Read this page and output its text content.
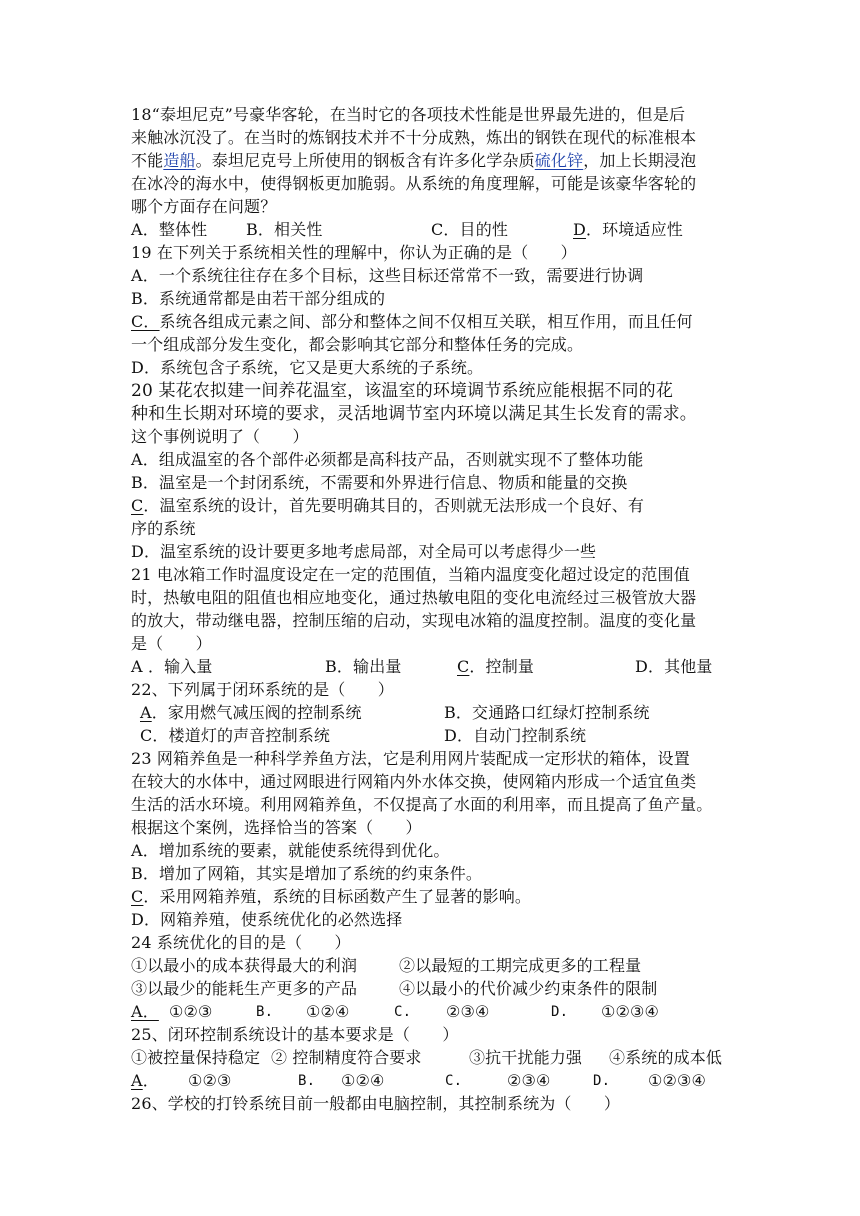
18“泰坦尼克”号豪华客轮，在当时它的各项技术性能是世界最先进的，但是后
来触冰沉没了。在当时的炼钢技术并不十分成熟，炼出的钢铁在现代的标准根本
不能造船。泰坦尼克号上所使用的钢板含有许多化学杂质硫化锌，加上长期浸泡
在冰冷的海水中，使得钢板更加脆弱。从系统的角度理解，可能是该豪华客轮的
哪个方面存在问题？
A．整体性 B．相关性	C．目的性	D．环境适应性
19 在下列关于系统相关性的理解中，你认为正确的是（　　）
A．一个系统往往存在多个目标，这些目标还常常不一致，需要进行协调
B．系统通常都是由若干部分组成的
C．系统各组成元素之间、部分和整体之间不仅相互关联，相互作用，而且任何
一个组成部分发生变化，都会影响其它部分和整体任务的完成。
D．系统包含子系统，它又是更大系统的子系统。
20 某花农拟建一间养花温室，该温室的环境调节系统应能根据不同的花
种和生长期对环境的要求，灵活地调节室内环境以满足其生长发育的需求。
这个事例说明了（　　）
A．组成温室的各个部件必须都是高科技产品，否则就实现不了整体功能
B．温室是一个封闭系统，不需要和外界进行信息、物质和能量的交换
C．温室系统的设计，首先要明确其目的，否则就无法形成一个良好、有
序的系统
D．温室系统的设计要更多地考虑局部，对全局可以考虑得少一些
21 电冰箱工作时温度设定在一定的范围值，当箱内温度变化超过设定的范围值
时，热敏电阻的阻值也相应地变化，通过热敏电阻的变化电流经过三极管放大器
的放大，带动继电器，控制压缩的启动，实现电冰箱的温度控制。温度的变化量
是（　　）
A ．输入量	B．输出量	C．控制量	D．其他量
22、下列属于闭环系统的是（　　）
A．家用燃气减压阀的控制系统	B．交通路口红绿灯控制系统
C．楼道灯的声音控制系统	D．自动门控制系统
23 网箱养鱼是一种科学养鱼方法，它是利用网片装配成一定形状的箱体，设置
在较大的水体中，通过网眼进行网箱内外水体交换，使网箱内形成一个适宜鱼类
生活的活水环境。利用网箱养鱼，不仅提高了水面的利用率，而且提高了鱼产量。
根据这个案例，选择恰当的答案（　　）
A．增加系统的要素，就能使系统得到优化。
B．增加了网箱，其实是增加了系统的约束条件。
C．采用网箱养殖，系统的目标函数产生了显著的影响。
D．网箱养殖，使系统优化的必然选择
24 系统优化的目的是（　　）
①以最小的成本获得最大的利润	②以最短的工期完成更多的工程量
③以最少的能耗生产更多的产品	④以最小的代价减少约束条件的限制
A． ①②③	B. ①②④	C. ②③④	D. ①②③④
25、闭环控制系统设计的基本要求是（　　）
①被控量保持稳定 ② 控制精度符合要求	③抗干扰能力强 ④系统的成本低
A． ①②③	B. ①②④	C.	②③④	D. ①②③④
26、学校的打铃系统目前一般都由电脑控制，其控制系统为（　　）
